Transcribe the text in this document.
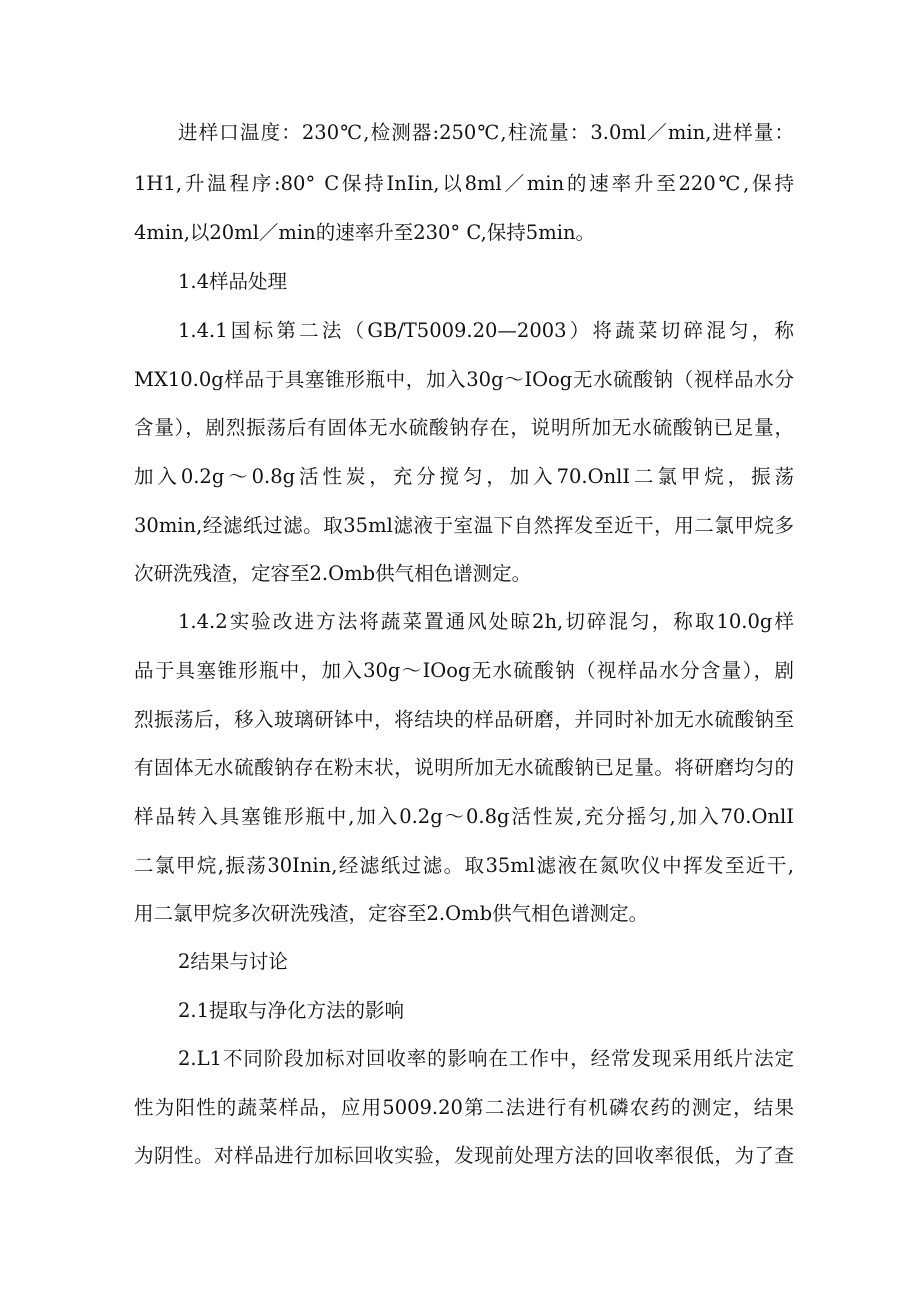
进样口温度：230℃,检测器:250℃,柱流量：3.0ml／min,进样量：
1H1,升温程序:80° C保持InIin,以8ml／min的速率升至220℃,保持
4min,以20ml／min的速率升至230° C,保持5min。
1.4样品处理
1.4.1国标第二法（GB/T5009.20—2003）将蔬菜切碎混匀，称
MX10.0g样品于具塞锥形瓶中，加入30g～IOog无水硫酸钠（视样品水分
含量），剧烈振荡后有固体无水硫酸钠存在，说明所加无水硫酸钠已足量，
加入0.2g～0.8g活性炭，充分搅匀，加入70.OnlI二氯甲烷，振荡
30min,经滤纸过滤。取35ml滤液于室温下自然挥发至近干，用二氯甲烷多
次研洗残渣，定容至2.Omb供气相色谱测定。
1.4.2实验改进方法将蔬菜置通风处晾2h,切碎混匀，称取10.0g样
品于具塞锥形瓶中，加入30g～IOog无水硫酸钠（视样品水分含量），剧
烈振荡后，移入玻璃研钵中，将结块的样品研磨，并同时补加无水硫酸钠至
有固体无水硫酸钠存在粉末状，说明所加无水硫酸钠已足量。将研磨均匀的
样品转入具塞锥形瓶中,加入0.2g～0.8g活性炭,充分摇匀,加入70.OnlI
二氯甲烷,振荡30Inin,经滤纸过滤。取35ml滤液在氮吹仪中挥发至近干,
用二氯甲烷多次研洗残渣，定容至2.Omb供气相色谱测定。
2结果与讨论
2.1提取与净化方法的影响
2.L1不同阶段加标对回收率的影响在工作中，经常发现采用纸片法定
性为阳性的蔬菜样品，应用5009.20第二法进行有机磷农药的测定，结果
为阴性。对样品进行加标回收实验，发现前处理方法的回收率很低，为了查
